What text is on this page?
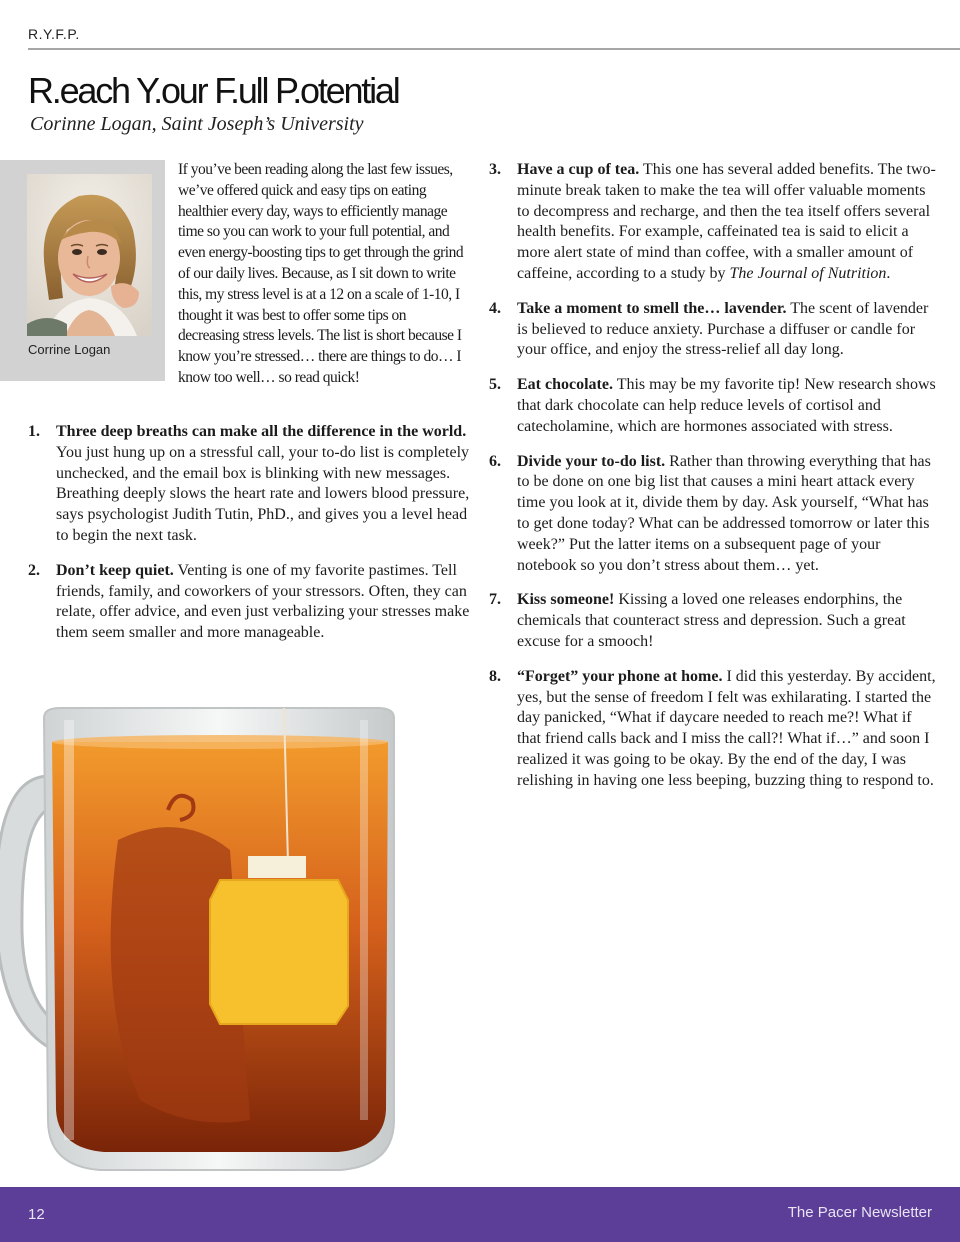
R.Y.F.P.
R.each Y.our F.ull P.otential
Corinne Logan, Saint Joseph’s University
Corrine Logan
If you’ve been reading along the last few issues, we’ve offered quick and easy tips on eating healthier every day, ways to efficiently manage time so you can work to your full potential, and even energy-boosting tips to get through the grind of our daily lives. Because, as I sit down to write this, my stress level is at a 12 on a scale of 1-10, I thought it was best to offer some tips on decreasing stress levels. The list is short because I know you’re stressed… there are things to do… I know too well… so read quick!
1. Three deep breaths can make all the difference in the world. You just hung up on a stressful call, your to-do list is completely unchecked, and the email box is blinking with new messages. Breathing deeply slows the heart rate and lowers blood pressure, says psychologist Judith Tutin, PhD., and gives you a level head to begin the next task.
2. Don’t keep quiet. Venting is one of my favorite pastimes. Tell friends, family, and coworkers of your stressors. Often, they can relate, offer advice, and even just verbalizing your stresses make them seem smaller and more manageable.
3. Have a cup of tea. This one has several added benefits. The two-minute break taken to make the tea will offer valuable moments to decompress and recharge, and then the tea itself offers several health benefits. For example, caffeinated tea is said to elicit a more alert state of mind than coffee, with a smaller amount of caffeine, according to a study by The Journal of Nutrition.
4. Take a moment to smell the… lavender. The scent of lavender is believed to reduce anxiety. Purchase a diffuser or candle for your office, and enjoy the stress-relief all day long.
5. Eat chocolate. This may be my favorite tip! New research shows that dark chocolate can help reduce levels of cortisol and catecholamine, which are hormones associated with stress.
6. Divide your to-do list. Rather than throwing everything that has to be done on one big list that causes a mini heart attack every time you look at it, divide them by day. Ask yourself, “What has to get done today? What can be addressed tomorrow or later this week?” Put the latter items on a subsequent page of your notebook so you don’t stress about them… yet.
7. Kiss someone! Kissing a loved one releases endorphins, the chemicals that counteract stress and depression. Such a great excuse for a smooch!
8. “Forget” your phone at home. I did this yesterday. By accident, yes, but the sense of freedom I felt was exhilarating. I started the day panicked, “What if daycare needed to reach me?! What if that friend calls back and I miss the call?! What if…” and soon I realized it was going to be okay. By the end of the day, I was relishing in having one less beeping, buzzing thing to respond to.
12	The Pacer Newsletter
